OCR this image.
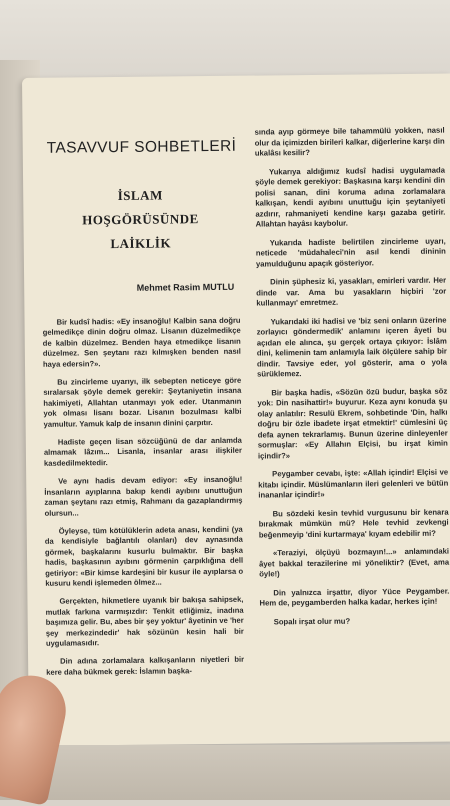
TASAVVUF SOHBETLERİ
İSLAM
HOŞGÖRÜSÜNDE
LAİKLİK
Mehmet Rasim MUTLU

Bir kudsî hadis: «Ey insanoğlu! Kalbin sana doğru gelmedikçe dinin doğru olmaz. Lisanın düzelmedikçe de kalbin düzelmez. Benden haya etmedikçe lisanın düzelmez. Sen şeytanı razı kılmışken benden nasıl haya edersin?».

Bu zincirleme uyarıyı, ilk sebepten neticeye göre sıralarsak şöyle demek gerekir: Şeytaniyetin insana hakimiyeti, Allahtan utanmayı yok eder. Utanmanın yok olması lisanı bozar. Lisanın bozulması kalbi yamultur. Yamuk kalp de insanın dinini çarpıtır.

Hadiste geçen lisan sözcüğünü de dar anlamda almamak lâzım... Lisanla, insanlar arası ilişkiler kasdedilmektedir.

Ve aynı hadis devam ediyor: «Ey insanoğlu! İnsanların ayıplarına bakıp kendi ayıbını unuttuğun zaman şeytanı razı etmiş, Rahmanı da gazaplandırmış olursun...

Öyleyse, tüm kötülüklerin adeta anası, kendini (ya da kendisiyle bağlantılı olanları) dev aynasında görmek, başkalarını kusurlu bulmaktır. Bir başka hadis, başkasının ayıbını görmenin çarpıklığına dell getiriyor: «Bir kimse kardeşini bir kusur ile ayıplarsa o kusuru kendi işlemeden ölmez...

Gerçekten, hikmetlere uyanık bir bakışa sahipsek, mutlak farkına varmışızdır: Tenkit etliğimiz, inadına başımıza gelir. Bu, abes bir şey yoktur' âyetinin ve 'her şey merkezindedir' hak sözünün kesin hali bir uygulamasıdır.

Din adına zorlamalara kalkışanların niyetleri bir kere daha bükmek gerek: İslamın başka-

sında ayıp görmeye bile tahammülü yokken, nasıl olur da içimizden birileri kalkar, diğerlerine karşı din ukalâsı kesilir?

Yukarıya aldığımız kudsî hadisi uygulamada şöyle demek gerekiyor: Başkasına karşı kendini din polisi sanan, dini koruma adına zorlamalara kalkışan, kendi ayıbını unuttuğu için şeytaniyeti azdırır, rahmaniyeti kendine karşı gazaba getirir. Allahtan hayâsı kaybolur.

Yukarıda hadiste belirtilen zincirleme uyarı, neticede 'müdahaleci'nin asıl kendi dininin yamulduğunu apaçık gösteriyor.

Dinin şüphesiz ki, yasakları, emirleri vardır. Her dinde var. Ama bu yasakların hiçbiri 'zor kullanmayı' emretmez.

Yukarıdaki iki hadisi ve 'biz seni onların üzerine zorlayıcı göndermedik' anlamını içeren âyeti bu açıdan ele alınca, şu gerçek ortaya çıkıyor: İslâm dini, kelimenin tam anlamıyla laik ölçülere sahip bir dindir. Tavsiye eder, yol gösterir, ama o yola sürüklemez.

Bir başka hadis, «Sözün özü budur, başka söz yok: Din nasihattir!» buyurur. Keza aynı konuda şu olay anlatılır: Resulü Ekrem, sohbetinde 'Din, halkı doğru bir özle ibadete irşat etmektir!' cümlesini üç defa aynen tekrarlamış. Bunun üzerine dinleyenler sormuşlar: «Ey Allahın Elçisi, bu irşat kimin içindir?»

Peygamber cevabı, işte: «Allah içindir! Elçisi ve kitabı içindir. Müslümanların ileri gelenleri ve bütün inananlar içindir!»

Bu sözdeki kesin tevhid vurgusunu bir kenara bırakmak mümkün mü? Hele tevhid zevkengi beğenmeyip 'dini kurtarmaya' kıyam edebilir mi?

«Teraziyi, ölçüyü bozmayın!...» anlamındaki âyet bakkal terazilerine mi yöneliktir? (Evet, ama öyle!)

Din yalnızca irşattır, diyor Yüce Peygamber. Hem de, peygamberden halka kadar, herkes için!

Sopalı irşat olur mu?
